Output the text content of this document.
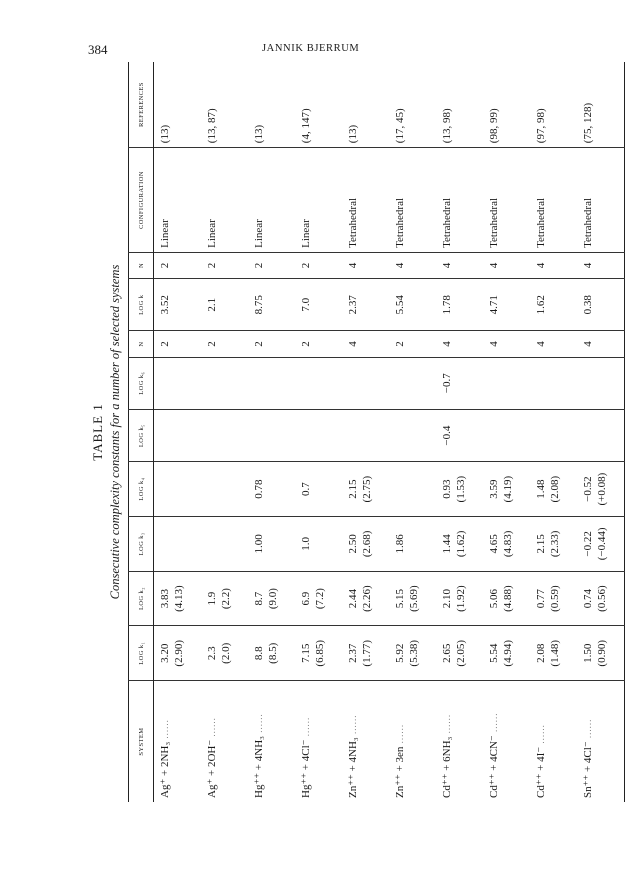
384	JANNIK BJERRUM
TABLE 1 Consecutive complexity constants for a number of selected systems
SYSTEM	LOG k₁	LOG k₂	LOG k₃	LOG k₄	LOG k₅	LOG k₆	N	LOG k	N	CONFIGURATION	REFERENCES
Ag⁺ + 2NH₃ ......	3.20 (2.90)	3.83 (4.13)					2	3.52	2	Linear	(13)
Ag⁺ + 2OH⁻ ......	2.3 (2.0)	1.9 (2.2)					2	2.1	2	Linear	(13, 87)
Hg⁺⁺ + 4NH₃ ......	8.8 (8.5)	8.7 (9.0)	1.00	0.78			2	8.75	2	Linear	(13)
Hg⁺⁺ + 4Cl⁻ ......	7.15 (6.85)	6.9 (7.2)	1.0	0.7			2	7.0	2	Linear	(4, 147)
Zn⁺⁺ + 4NH₃ ......	2.37 (1.77)	2.44 (2.26)	2.50 (2.68)	2.15 (2.75)			4	2.37	4	Tetrahedral	(13)
Zn⁺⁺ + 3en ......	5.92 (5.38)	5.15 (5.69)	1.86				2	5.54	4	Tetrahedral	(17, 45)
Cd⁺⁺ + 6NH₃ ......	2.65 (2.05)	2.10 (1.92)	1.44 (1.62)	0.93 (1.53)	−0.4	−0.7	4	1.78	4	Tetrahedral	(13, 98)
Cd⁺⁺ + 4CN⁻ ......	5.54 (4.94)	5.06 (4.88)	4.65 (4.83)	3.59 (4.19)			4	4.71	4	Tetrahedral	(98, 99)
Cd⁺⁺ + 4I⁻ ......	2.08 (1.48)	0.77 (0.59)	2.15 (2.33)	1.48 (2.08)			4	1.62	4	Tetrahedral	(97, 98)
Sn⁺⁺ + 4Cl⁻ ......	1.50 (0.90)	0.74 (0.56)	−0.22 (−0.44)	−0.52 (+0.08)			4	0.38	4	Tetrahedral	(75, 128)
